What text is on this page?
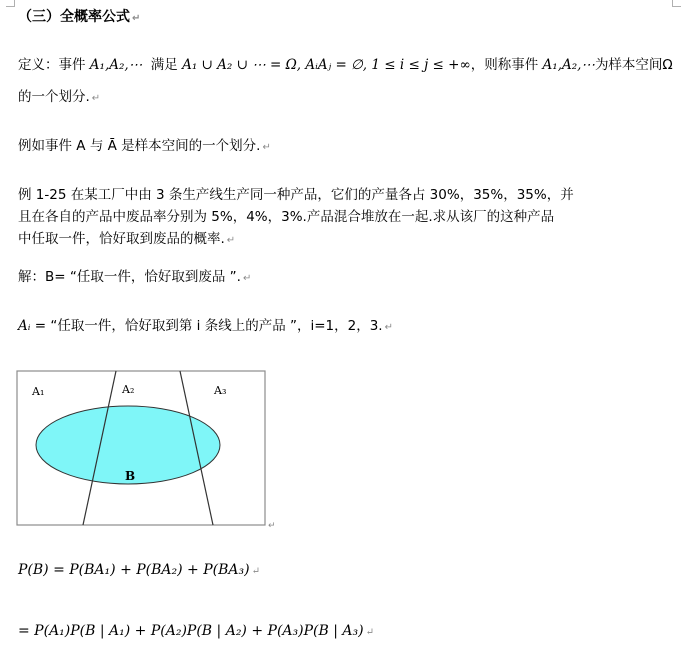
（三）全概率公式 ↵
定义：事件 A₁,A₂,⋯ 满足 A₁ ∪ A₂ ∪ ⋯ = Ω, AᵢAⱼ = ∅, 1 ≤ i ≤ j ≤ +∞，则称事件 A₁,A₂,⋯为样本空间Ω
的一个划分. ↵
例如事件 A 与 Ā 是样本空间的一个划分. ↵
例 1-25 在某工厂中由 3 条生产线生产同一种产品，它们的产量各占 30%，35%，35%，并
且在各自的产品中废品率分别为 5%，4%，3%.产品混合堆放在一起.求从该厂的这种产品
中任取一件，恰好取到废品的概率. ↵
解：B= “任取一件，恰好取到废品 ”. ↵
Aᵢ = “任取一件，恰好取到第 i 条线上的产品 ”，i=1，2，3. ↵
A₁	A₂	A₃
B
↵
P(B) = P(BA₁) + P(BA₂) + P(BA₃) ↵
= P(A₁)P(B | A₁) + P(A₂)P(B | A₂) + P(A₃)P(B | A₃) ↵
